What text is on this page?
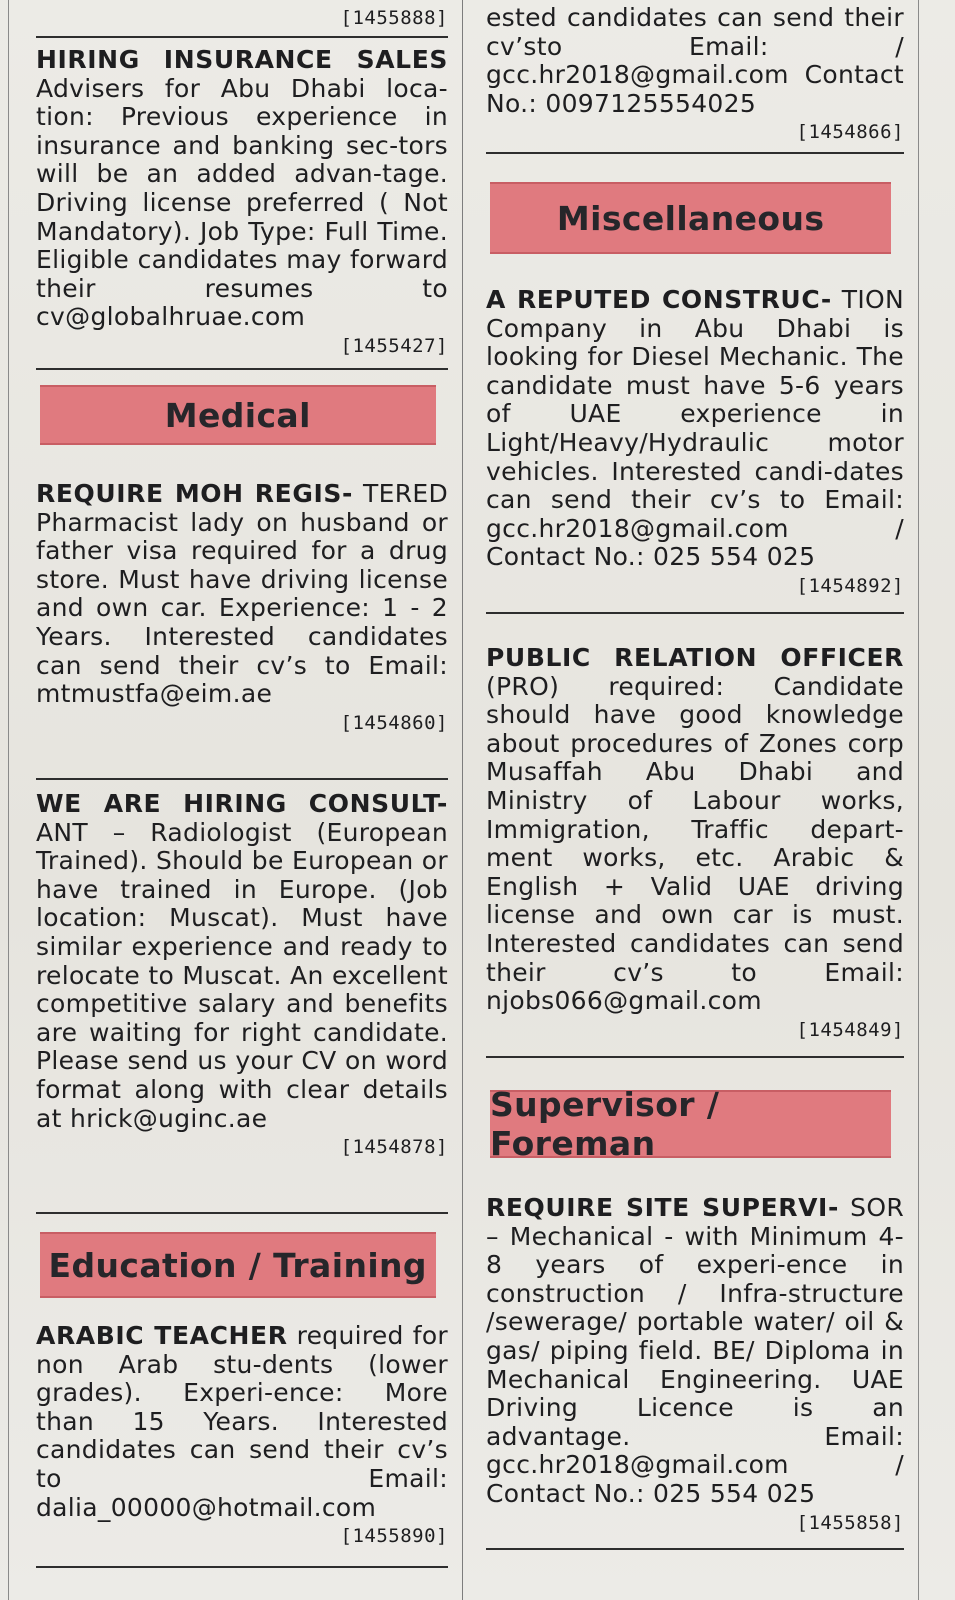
[1455888]

HIRING INSURANCE SALES Advisers for Abu Dhabi loca-tion: Previous experience in insurance and banking sec-tors will be an added advan-tage. Driving license preferred ( Not Mandatory). Job Type: Full Time. Eligible candidates may forward their resumes to cv@globalhruae.com

[1455427]
Medical

REQUIRE MOH REGIS- TERED Pharmacist lady on husband or father visa required for a drug store. Must have driving license and own car. Experience: 1 - 2 Years. Interested candidates can send their cv’s to Email: mtmustfa@eim.ae

[1454860]

WE ARE HIRING CONSULT- ANT – Radiologist (European Trained). Should be European or have trained in Europe. (Job location: Muscat). Must have similar experience and ready to relocate to Muscat. An excellent competitive salary and benefits are waiting for right candidate. Please send us your CV on word format along with clear details at hrick@uginc.ae

[1454878]
Education / Training

ARABIC TEACHER required for non Arab stu-dents (lower grades). Experi-ence: More than 15 Years. Interested candidates can send their cv’s to Email: dalia_00000@hotmail.com

[1455890]

ested candidates can send their cv’sto Email: / gcc.hr2018@gmail.com Contact No.: 0097125554025

[1454866]
Miscellaneous

A REPUTED CONSTRUC- TION Company in Abu Dhabi is looking for Diesel Mechanic. The candidate must have 5-6 years of UAE experience in Light/Heavy/Hydraulic motor vehicles. Interested candi-dates can send their cv’s to Email: gcc.hr2018@gmail.com / Contact No.: 025 554 025

[1454892]

PUBLIC RELATION OFFICER (PRO) required: Candidate should have good knowledge about procedures of Zones corp Musaffah Abu Dhabi and Ministry of Labour works, Immigration, Traffic depart-ment works, etc. Arabic & English + Valid UAE driving license and own car is must. Interested candidates can send their cv’s to Email: njobs066@gmail.com

[1454849]
Supervisor / Foreman

REQUIRE SITE SUPERVI- SOR – Mechanical - with Minimum 4-8 years of experi-ence in construction / Infra-structure /sewerage/ portable water/ oil & gas/ piping field. BE/ Diploma in Mechanical Engineering. UAE Driving Licence is an advantage. Email: gcc.hr2018@gmail.com / Contact No.: 025 554 025

[1455858]
